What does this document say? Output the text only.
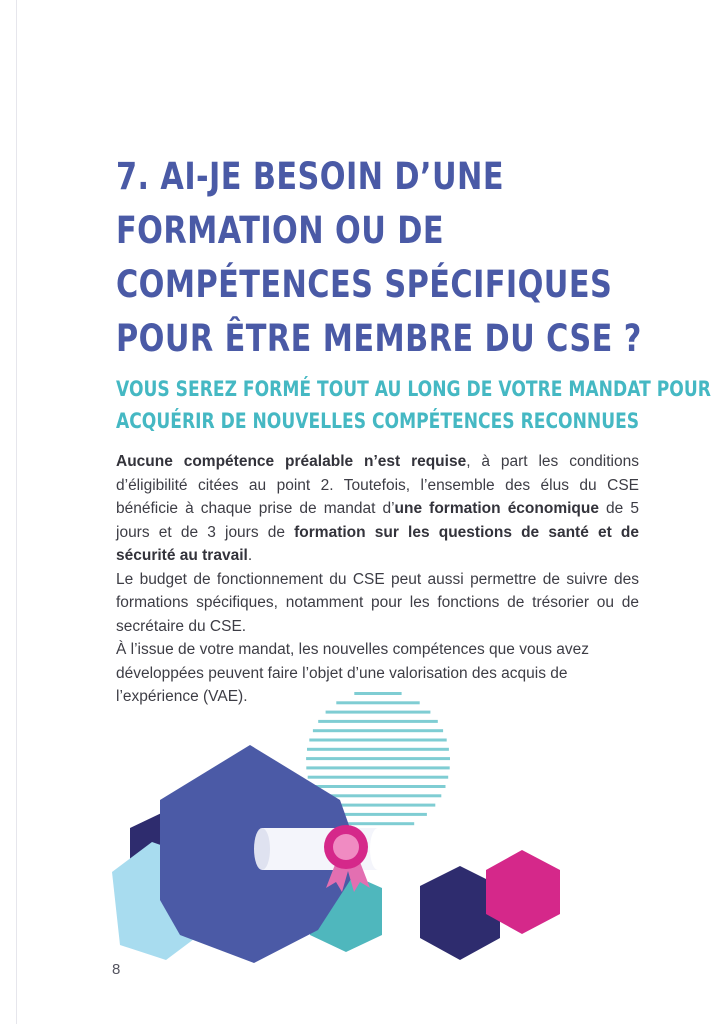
7. AI-JE BESOIN D’UNE
FORMATION OU DE
COMPÉTENCES SPÉCIFIQUES
POUR ÊTRE MEMBRE DU CSE ?
VOUS SEREZ FORMÉ TOUT AU LONG DE VOTRE MANDAT POUR
ACQUÉRIR DE NOUVELLES COMPÉTENCES RECONNUES

Aucune compétence préalable n’est requise, à part les conditions d’éligibilité citées au point 2. Toutefois, l’ensemble des élus du CSE bénéficie à chaque prise de mandat d’une formation économique de 5 jours et de 3 jours de formation sur les questions de santé et de sécurité au travail.

Le budget de fonctionnement du CSE peut aussi permettre de suivre des formations spécifiques, notamment pour les fonctions de trésorier ou de secrétaire du CSE.

À l’issue de votre mandat, les nouvelles compétences que vous avez développées peuvent faire l’objet d’une valorisation des acquis de l’expérience (VAE).

8
